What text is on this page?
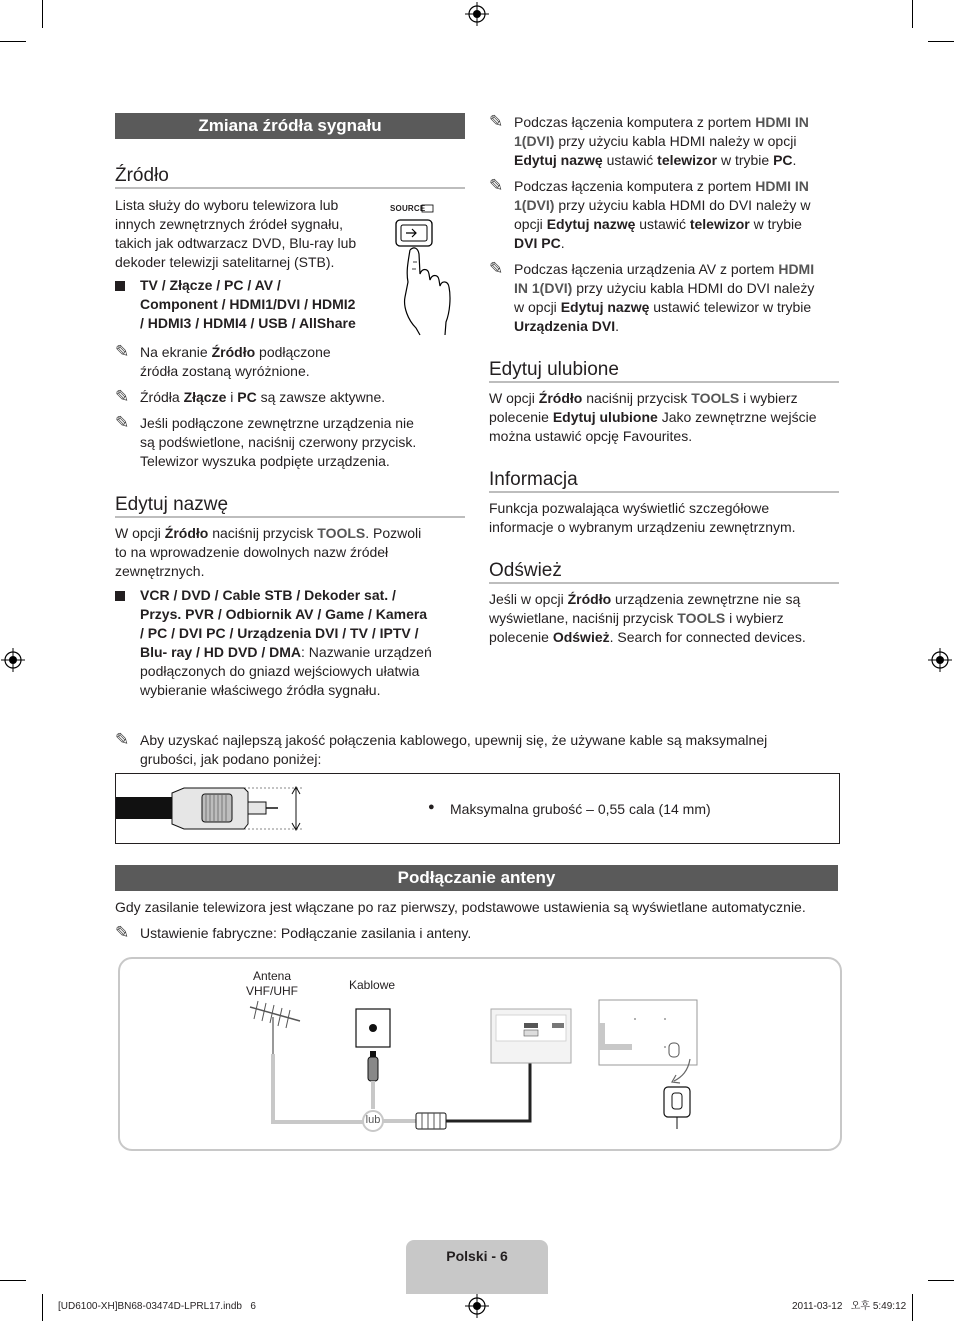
Zmiana źródła sygnału
Źródło
Lista służy do wyboru telewizora lub
innych zewnętrznych źródeł sygnału,
takich jak odtwarzacz DVD, Blu-ray lub
dekoder telewizji satelitarnej (STB).
SOURCE
TV / Złącze / PC / AV /
Component / HDMI1/DVI / HDMI2
/ HDMI3 / HDMI4 / USB / AllShare
✎ Na ekranie Źródło podłączone
źródła zostaną wyróżnione.
✎ Źródła Złącze i PC są zawsze aktywne.
✎ Jeśli podłączone zewnętrzne urządzenia nie
są podświetlone, naciśnij czerwony przycisk.
Telewizor wyszuka podpięte urządzenia.
Edytuj nazwę
W opcji Źródło naciśnij przycisk TOOLS. Pozwoli
to na wprowadzenie dowolnych nazw źródeł
zewnętrznych.
VCR / DVD / Cable STB / Dekoder sat. /
Przys. PVR / Odbiornik AV / Game / Kamera
/ PC / DVI PC / Urządzenia DVI / TV / IPTV /
Blu- ray / HD DVD / DMA: Nazwanie urządzeń
podłączonych do gniazd wejściowych ułatwia
wybieranie właściwego źródła sygnału.
✎ Podczas łączenia komputera z portem HDMI IN
1(DVI) przy użyciu kabla HDMI należy w opcji
Edytuj nazwę ustawić telewizor w trybie PC.
✎ Podczas łączenia komputera z portem HDMI IN
1(DVI) przy użyciu kabla HDMI do DVI należy w
opcji Edytuj nazwę ustawić telewizor w trybie
DVI PC.
✎ Podczas łączenia urządzenia AV z portem HDMI
IN 1(DVI) przy użyciu kabla HDMI do DVI należy
w opcji Edytuj nazwę ustawić telewizor w trybie
Urządzenia DVI.
Edytuj ulubione
W opcji Źródło naciśnij przycisk TOOLS i wybierz
polecenie Edytuj ulubione Jako zewnętrzne wejście
można ustawić opcję Favourites.
Informacja
Funkcja pozwalająca wyświetlić szczegółowe
informacje o wybranym urządzeniu zewnętrznym.
Odśwież
Jeśli w opcji Źródło urządzenia zewnętrzne nie są
wyświetlane, naciśnij przycisk TOOLS i wybierz
polecenie Odśwież. Search for connected devices.
✎ Aby uzyskać najlepszą jakość połączenia kablowego, upewnij się, że używane kable są maksymalnej
grubości, jak podano poniżej:
● Maksymalna grubość – 0,55 cala (14 mm)
Podłączanie anteny
Gdy zasilanie telewizora jest włączane po raz pierwszy, podstawowe ustawienia są wyświetlane automatycznie.
✎ Ustawienie fabryczne: Podłączanie zasilania i anteny.
Antena
VHF/UHF	Kablowe
lub
Polski - 6
[UD6100-XH]BN68-03474D-LPRL17.indb   6	2011-03-12   오후 5:49:12
